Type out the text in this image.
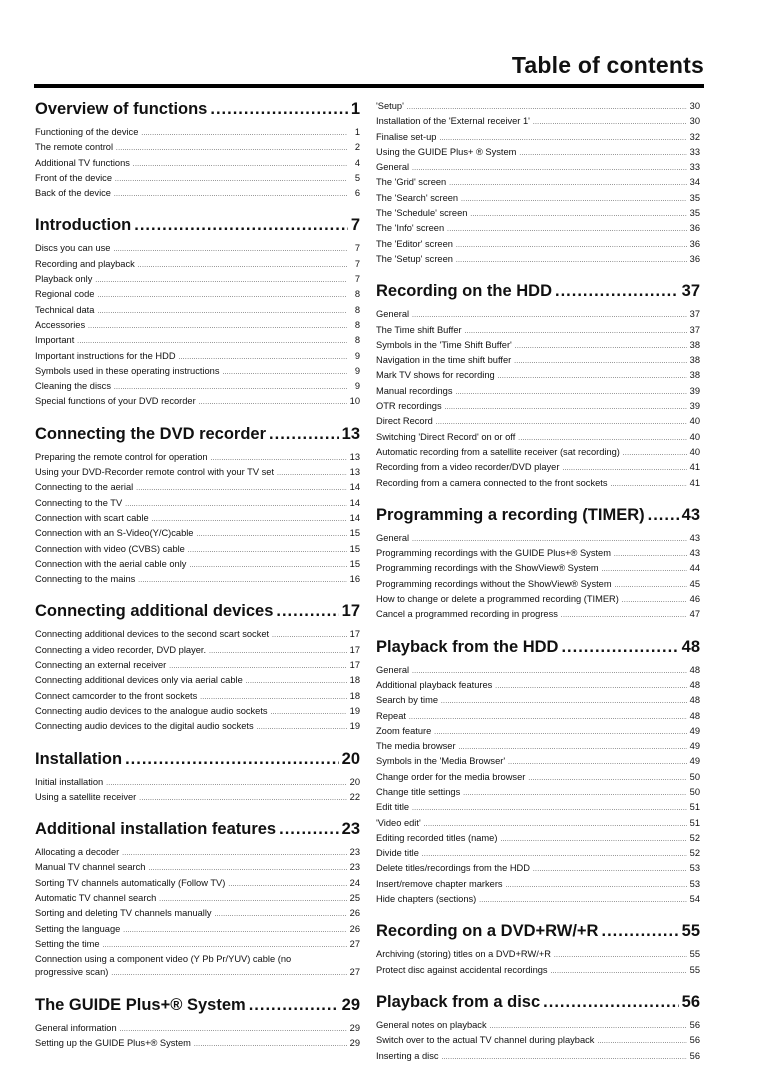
Table of contents
Overview of functions .....	1
Functioning of the device .....	1
The remote control .....	2
Additional TV functions .....	4
Front of the device .....	5
Back of the device .....	6
Introduction .....	7
Discs you can use .....	7
Recording and playback .....	7
Playback only .....	7
Regional code .....	8
Technical data .....	8
Accessories .....	8
Important .....	8
Important instructions for the HDD .....	9
Symbols used in these operating instructions .....	9
Cleaning the discs .....	9
Special functions of your DVD recorder .....	10
Connecting the DVD recorder .....	13
Preparing the remote control for operation .....	13
Using your DVD-Recorder remote control with your TV set .....	13
Connecting to the aerial .....	14
Connecting to the TV .....	14
Connection with scart cable .....	14
Connection with an S-Video(Y/C)cable .....	15
Connection with video (CVBS) cable .....	15
Connection with the aerial cable only .....	15
Connecting to the mains .....	16
Connecting additional devices .....	17
Connecting additional devices to the second scart socket .....	17
Connecting a video recorder, DVD player. .....	17
Connecting an external receiver .....	17
Connecting additional devices only via aerial cable .....	18
Connect camcorder to the front sockets .....	18
Connecting audio devices to the analogue audio sockets .....	19
Connecting audio devices to the digital audio sockets .....	19
Installation .....	20
Initial installation .....	20
Using a satellite receiver .....	22
Additional installation features .....	23
Allocating a decoder .....	23
Manual TV channel search .....	23
Sorting TV channels automatically (Follow TV) .....	24
Automatic TV channel search .....	25
Sorting and deleting TV channels manually .....	26
Setting the language .....	26
Setting the time .....	27
Connection using a component video (Y Pb Pr/YUV) cable (no
progressive scan) .....	27
The GUIDE Plus+® System .....	29
General information .....	29
Setting up the GUIDE Plus+® System .....	29
'Setup' .....	30
Installation of the 'External receiver 1' .....	30
Finalise set-up .....	32
Using the GUIDE Plus+ ® System .....	33
General .....	33
The 'Grid' screen .....	34
The 'Search' screen .....	35
The 'Schedule' screen .....	35
The 'Info' screen .....	36
The 'Editor' screen .....	36
The 'Setup' screen .....	36
Recording on the HDD .....	37
General .....	37
The Time shift Buffer .....	37
Symbols in the 'Time Shift Buffer' .....	38
Navigation in the time shift buffer .....	38
Mark TV shows for recording .....	38
Manual recordings .....	39
OTR recordings .....	39
Direct Record .....	40
Switching 'Direct Record' on or off .....	40
Automatic recording from a satellite receiver (sat recording) .....	40
Recording from a video recorder/DVD player .....	41
Recording from a camera connected to the front sockets .....	41
Programming a recording (TIMER) ..... 43
General .....	43
Programming recordings with the GUIDE Plus+® System .....	43
Programming recordings with the ShowView® System .....	44
Programming recordings without the ShowView® System .....	45
How to change or delete a programmed recording (TIMER) .....	46
Cancel a programmed recording in progress .....	47
Playback from the HDD .....	48
General .....	48
Additional playback features .....	48
Search by time .....	48
Repeat .....	48
Zoom feature .....	49
The media browser .....	49
Symbols in the 'Media Browser' .....	49
Change order for the media browser .....	50
Change title settings .....	50
Edit title .....	51
'Video edit' .....	51
Editing recorded titles (name) .....	52
Divide title .....	52
Delete titles/recordings from the HDD .....	53
Insert/remove chapter markers .....	53
Hide chapters (sections) .....	54
Recording on a DVD+RW/+R .....	55
Archiving (storing) titles on a DVD+RW/+R .....	55
Protect disc against accidental recordings .....	55
Playback from a disc .....	56
General notes on playback .....	56
Switch over to the actual TV channel during playback .....	56
Inserting a disc .....	56
